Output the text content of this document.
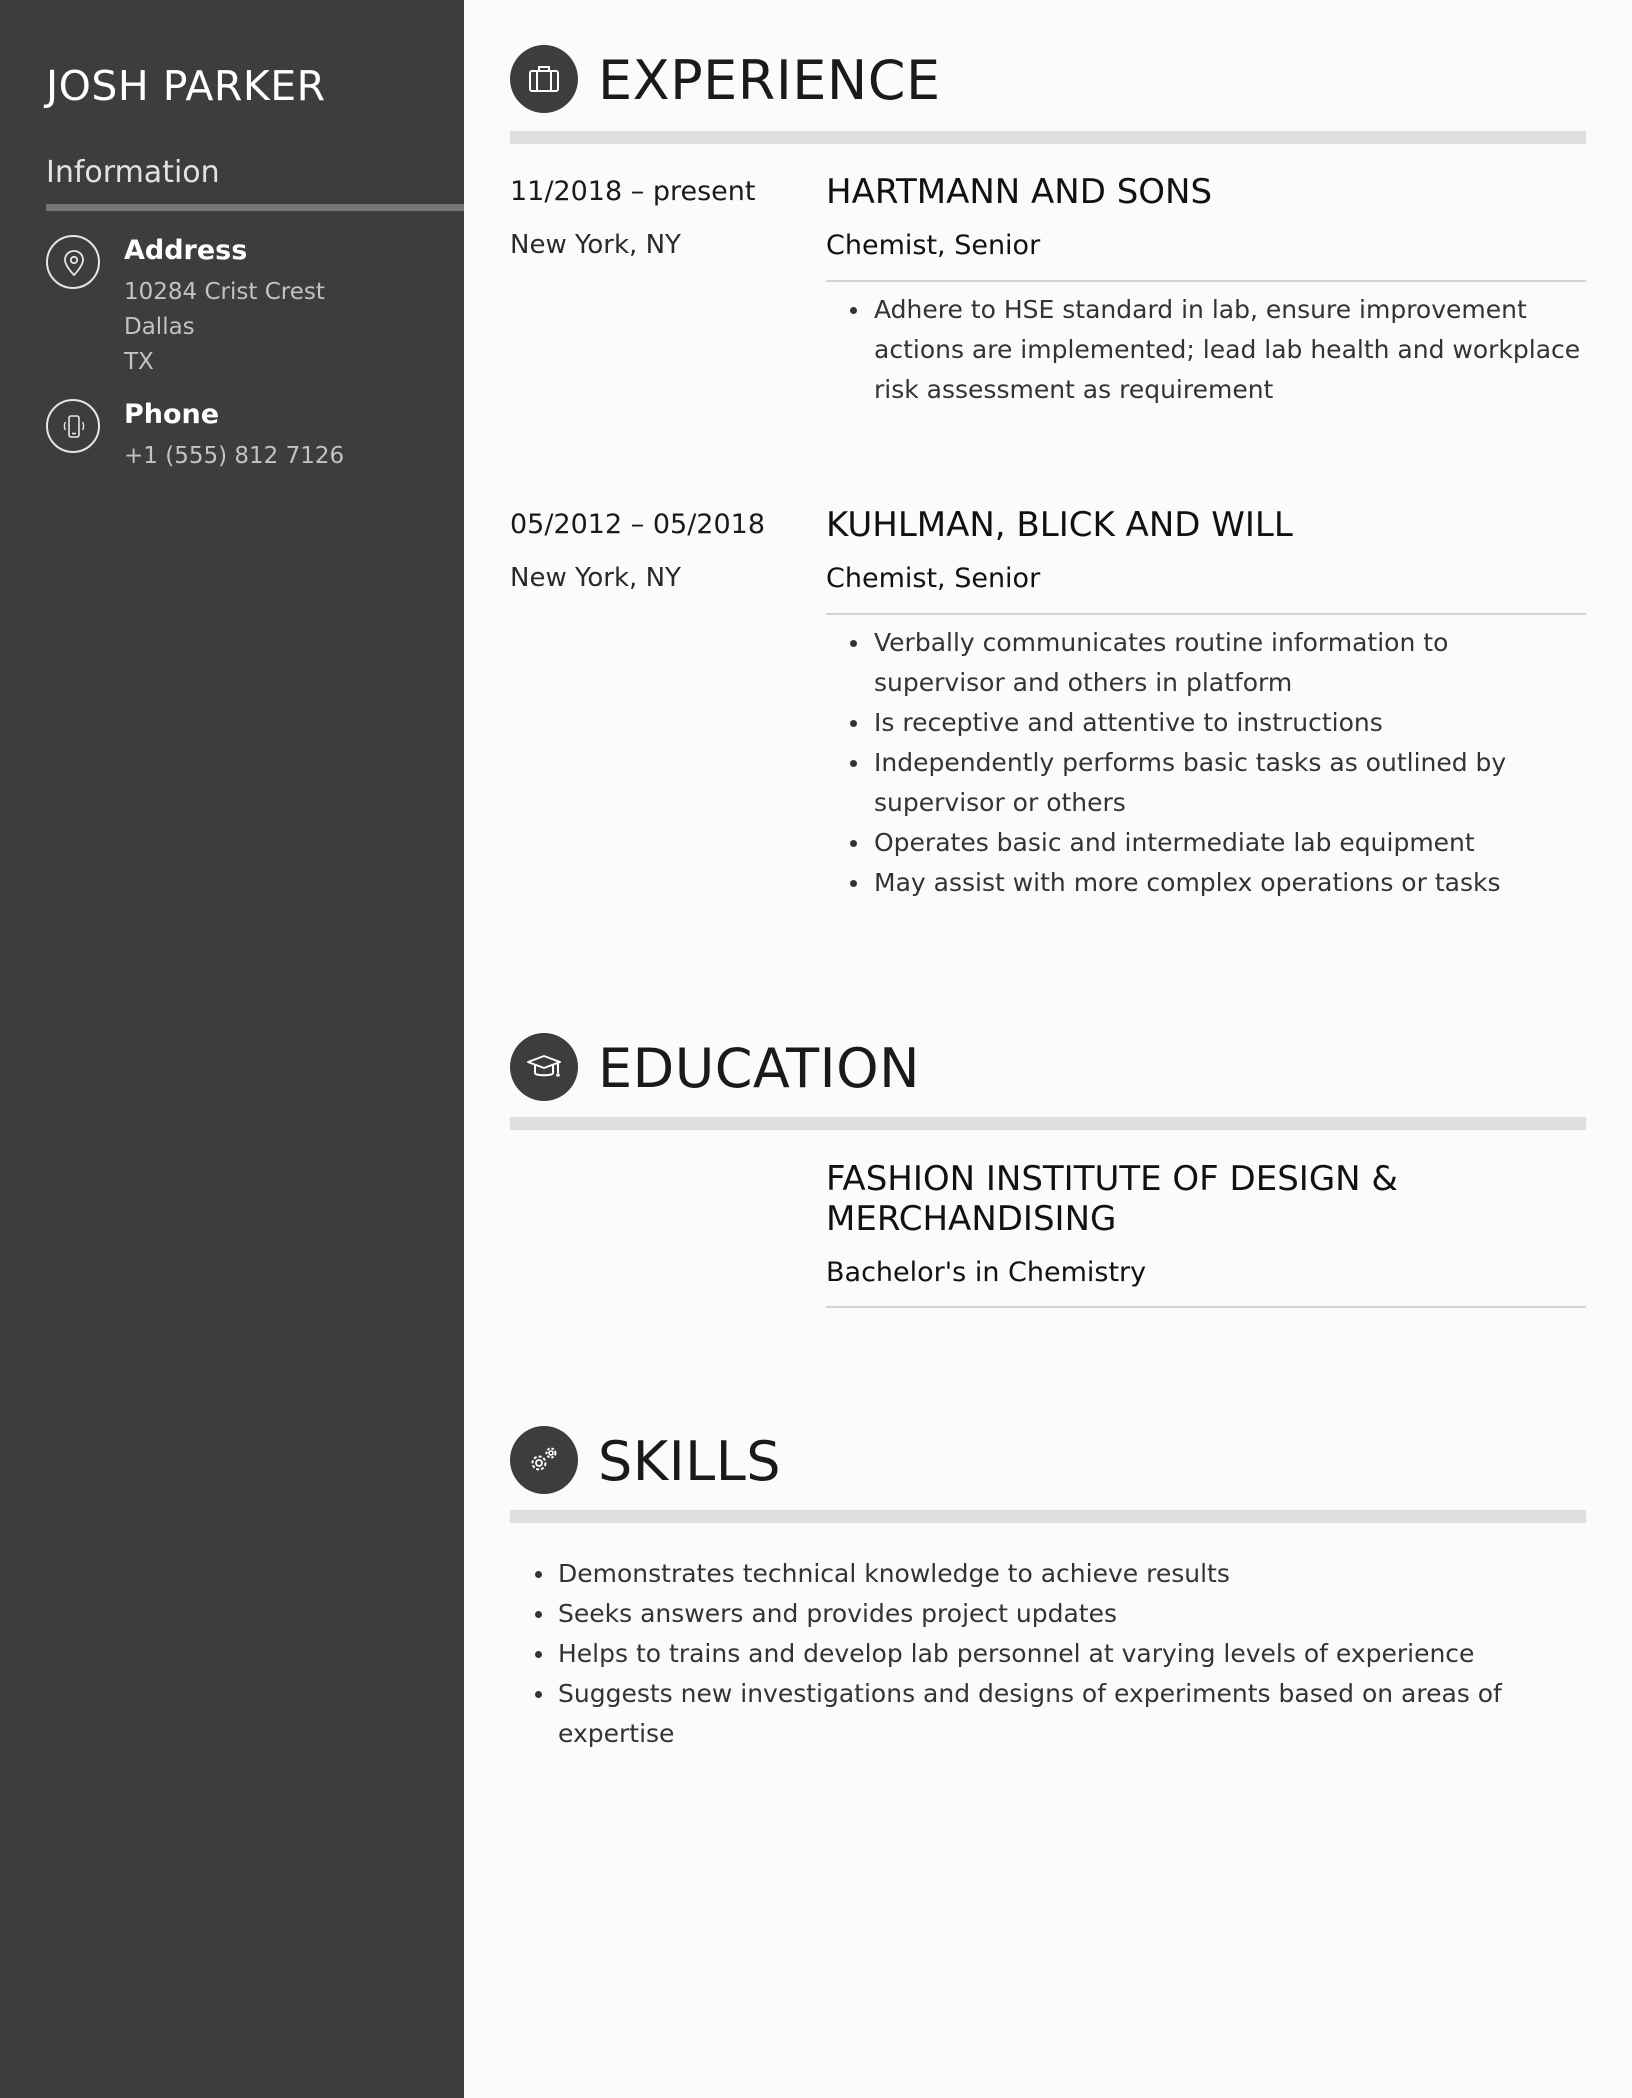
JOSH PARKER
Information
Address
10284 Crist Crest
Dallas
TX
Phone
+1 (555) 812 7126
EXPERIENCE
11/2018 – present
New York, NY
HARTMANN AND SONS
Chemist, Senior
Adhere to HSE standard in lab, ensure improvement actions are implemented; lead lab health and workplace risk assessment as requirement
05/2012 – 05/2018
New York, NY
KUHLMAN, BLICK AND WILL
Chemist, Senior
Verbally communicates routine information to supervisor and others in platform
Is receptive and attentive to instructions
Independently performs basic tasks as outlined by supervisor or others
Operates basic and intermediate lab equipment
May assist with more complex operations or tasks
EDUCATION
FASHION INSTITUTE OF DESIGN & MERCHANDISING
Bachelor's in Chemistry
SKILLS
Demonstrates technical knowledge to achieve results
Seeks answers and provides project updates
Helps to trains and develop lab personnel at varying levels of experience
Suggests new investigations and designs of experiments based on areas of expertise
